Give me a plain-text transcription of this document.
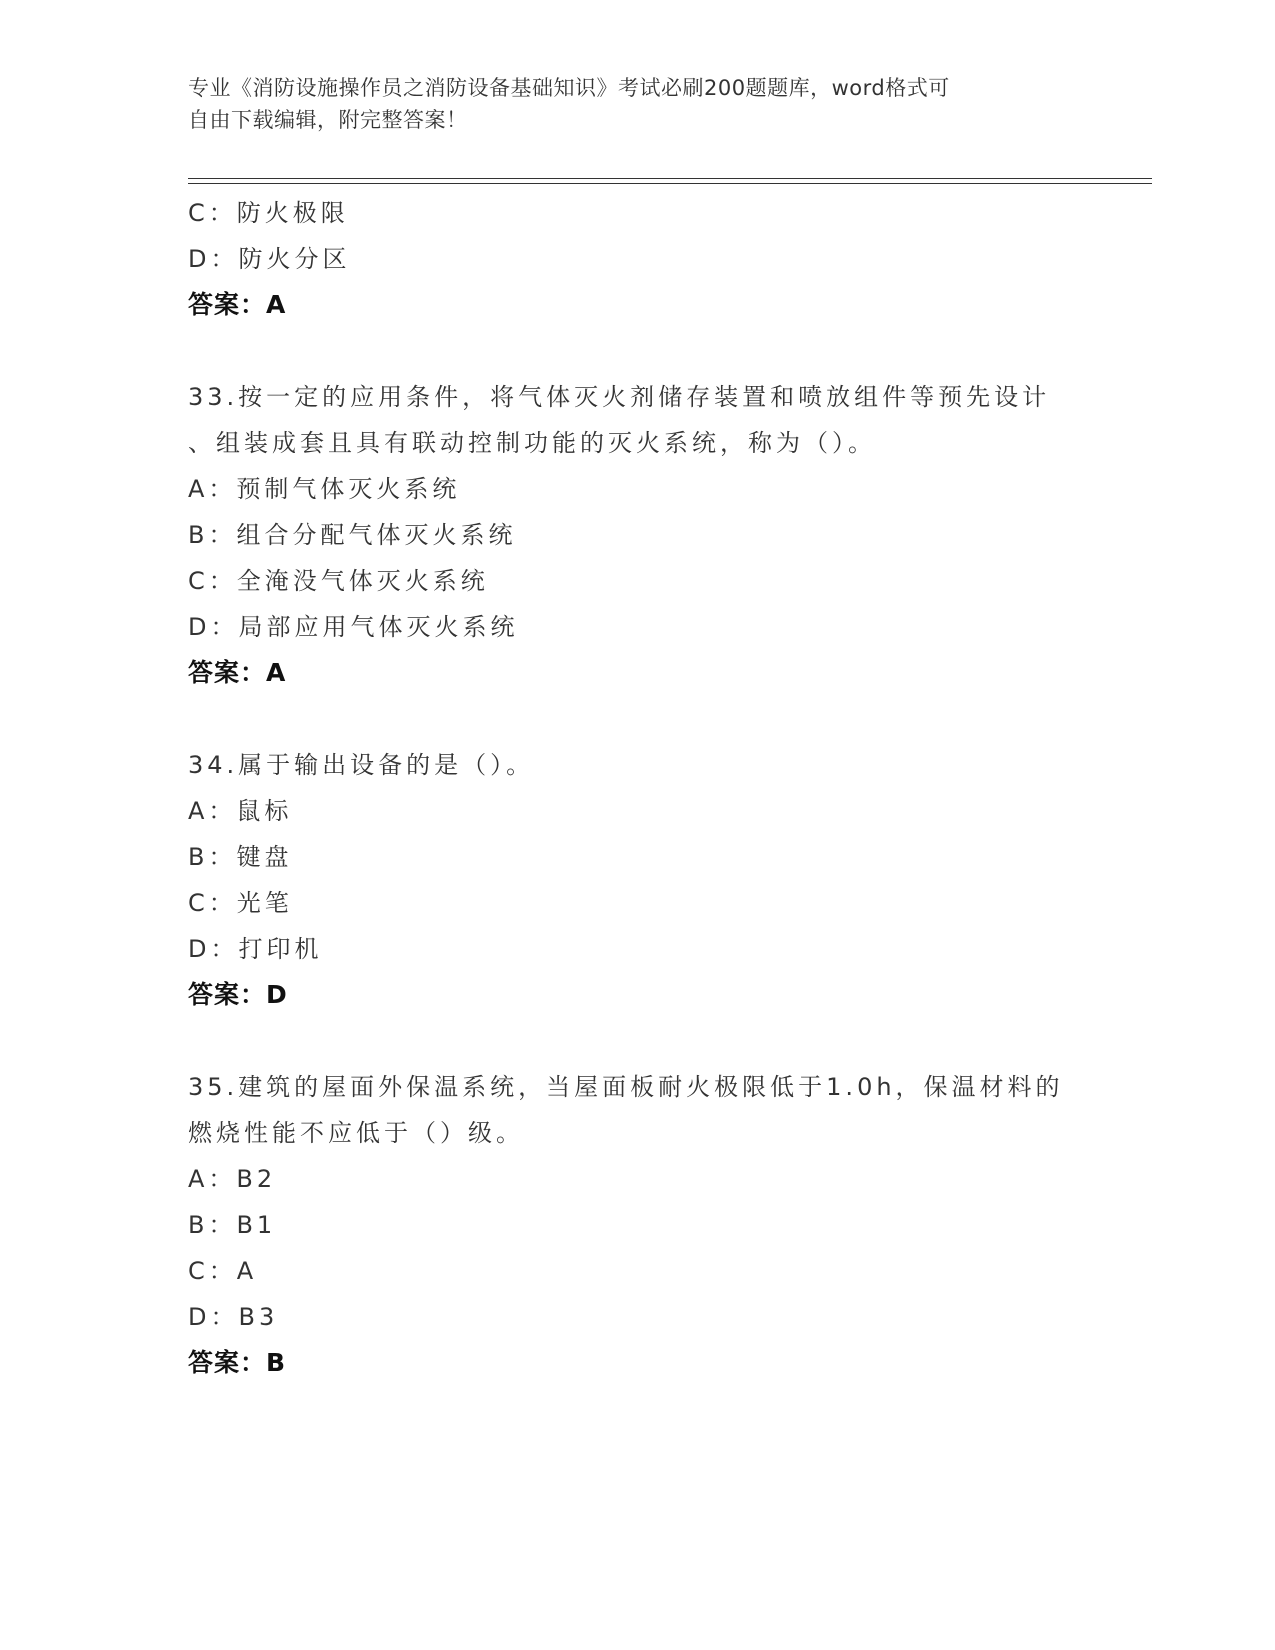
专业《消防设施操作员之消防设备基础知识》考试必刷200题题库，word格式可
自由下载编辑，附完整答案！
C：防火极限
D：防火分区
答案：A
33.按一定的应用条件，将气体灭火剂储存装置和喷放组件等预先设计
、组装成套且具有联动控制功能的灭火系统，称为（）。
A：预制气体灭火系统
B：组合分配气体灭火系统
C：全淹没气体灭火系统
D：局部应用气体灭火系统
答案：A
34.属于输出设备的是（）。
A：鼠标
B：键盘
C：光笔
D：打印机
答案：D
35.建筑的屋面外保温系统，当屋面板耐火极限低于1.0h，保温材料的
燃烧性能不应低于（）级。
A：B2
B：B1
C：A
D：B3
答案：B
